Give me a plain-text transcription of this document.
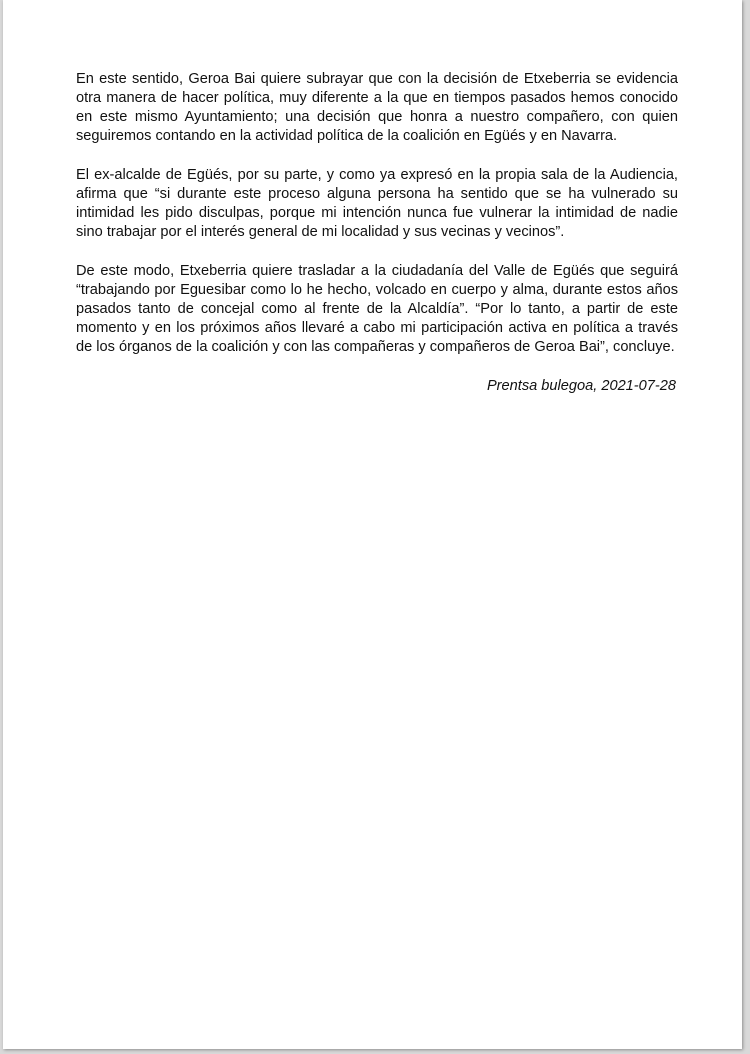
En este sentido, Geroa Bai quiere subrayar que con la decisión de Etxeberria se evidencia otra manera de hacer política, muy diferente a la que en tiempos pasados hemos conocido en este mismo Ayuntamiento; una decisión que honra a nuestro compañero, con quien seguiremos contando en la actividad política de la coalición en Egüés y en Navarra.

El ex-alcalde de Egüés, por su parte, y como ya expresó en la propia sala de la Audiencia, afirma que “si durante este proceso alguna persona ha sentido que se ha vulnerado su intimidad les pido disculpas, porque mi intención nunca fue vulnerar la intimidad de nadie sino trabajar por el interés general de mi localidad y sus vecinas y vecinos”.

De este modo, Etxeberria quiere trasladar a la ciudadanía del Valle de Egüés que seguirá “trabajando por Eguesibar como lo he hecho, volcado en cuerpo y alma, durante estos años pasados tanto de concejal como al frente de la Alcaldía”. “Por lo tanto, a partir de este momento y en los próximos años llevaré a cabo mi participación activa en política a través de los órganos de la coalición y con las compañeras y compañeros de Geroa Bai”, concluye.

Prentsa bulegoa, 2021-07-28
